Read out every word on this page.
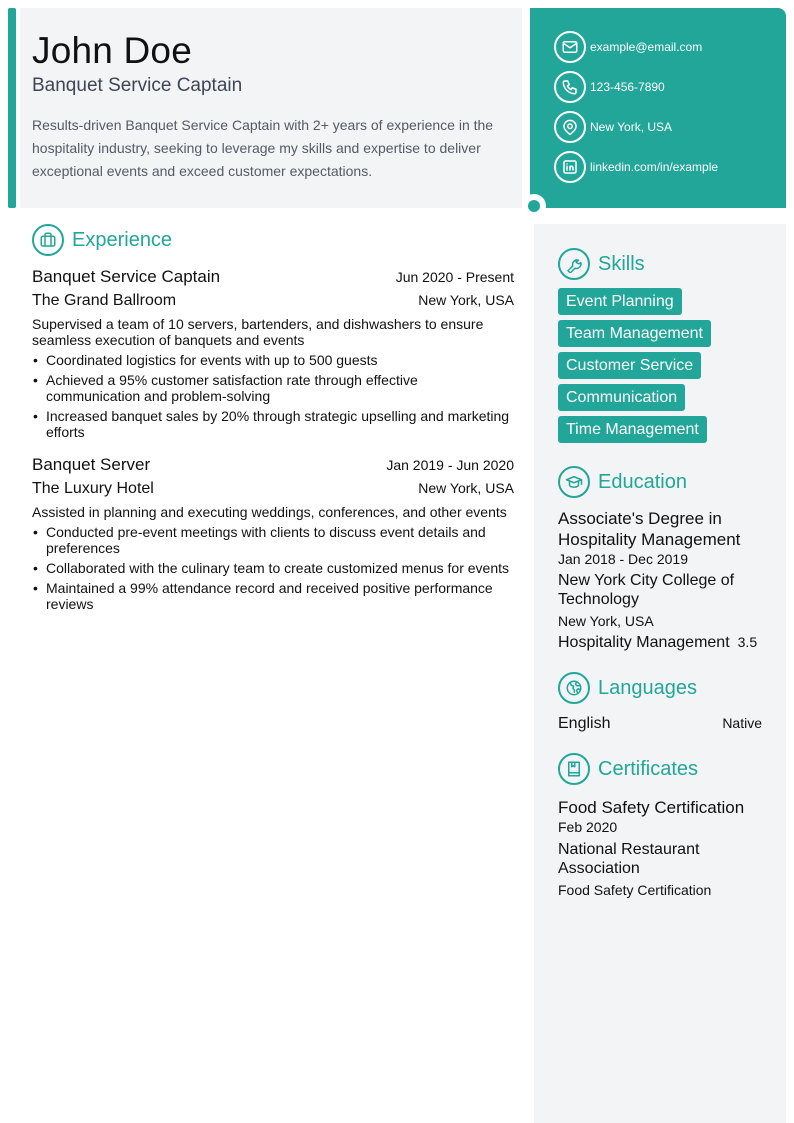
John Doe
Banquet Service Captain
Results-driven Banquet Service Captain with 2+ years of experience in the hospitality industry, seeking to leverage my skills and expertise to deliver exceptional events and exceed customer expectations.
example@email.com
123-456-7890
New York, USA
linkedin.com/in/example
Experience
Banquet Service Captain	Jun 2020 - Present
The Grand Ballroom	New York, USA
Supervised a team of 10 servers, bartenders, and dishwashers to ensure seamless execution of banquets and events
• Coordinated logistics for events with up to 500 guests
• Achieved a 95% customer satisfaction rate through effective communication and problem-solving
• Increased banquet sales by 20% through strategic upselling and marketing efforts
Banquet Server	Jan 2019 - Jun 2020
The Luxury Hotel	New York, USA
Assisted in planning and executing weddings, conferences, and other events
• Conducted pre-event meetings with clients to discuss event details and preferences
• Collaborated with the culinary team to create customized menus for events
• Maintained a 99% attendance record and received positive performance reviews
Skills
Event Planning
Team Management
Customer Service
Communication
Time Management
Education
Associate's Degree in Hospitality Management
Jan 2018 - Dec 2019
New York City College of Technology
New York, USA
Hospitality Management 3.5
Languages
English	Native
Certificates
Food Safety Certification
Feb 2020
National Restaurant Association
Food Safety Certification
